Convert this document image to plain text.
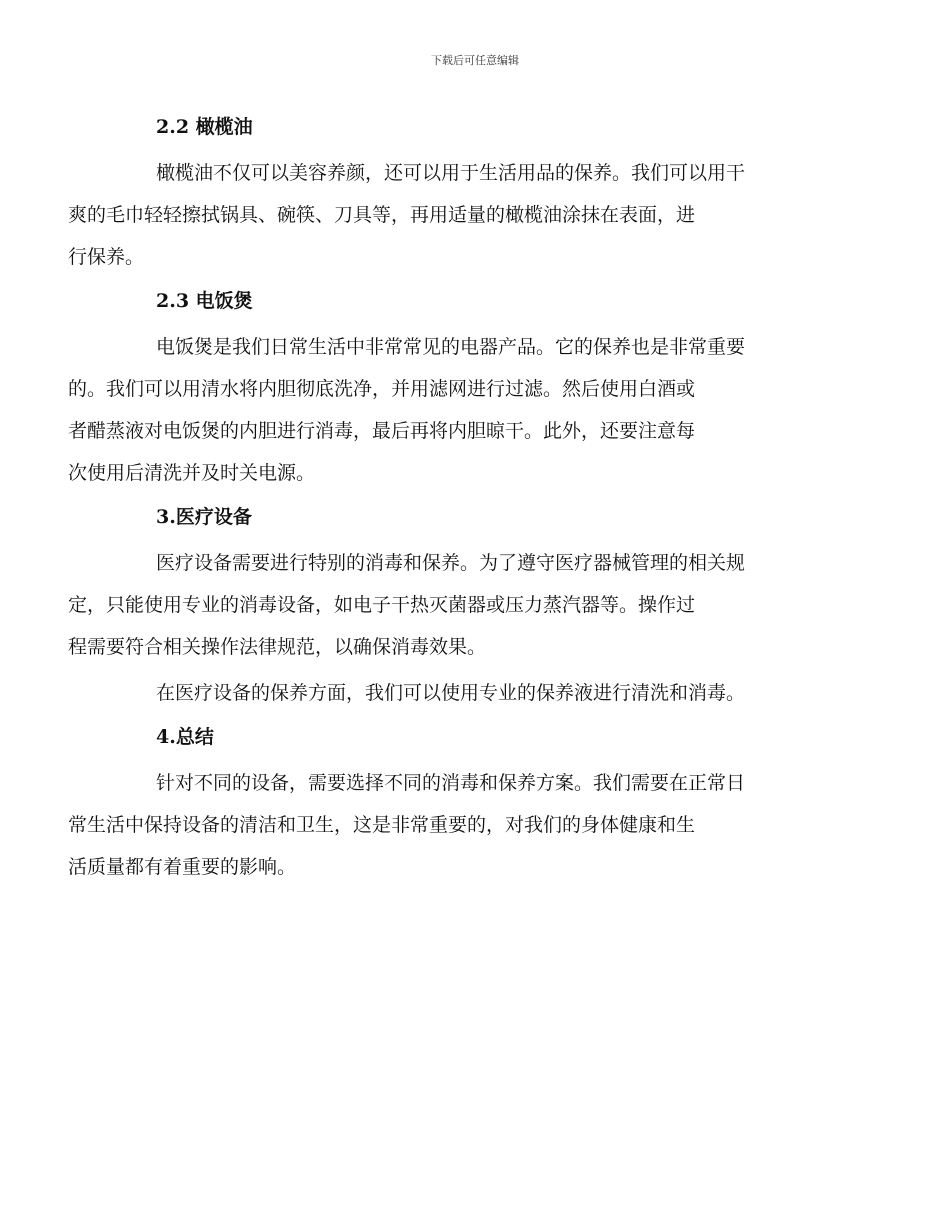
下载后可任意编辑
2.2 橄榄油
橄榄油不仅可以美容养颜，还可以用于生活用品的保养。我们可以用干
爽的毛巾轻轻擦拭锅具、碗筷、刀具等，再用适量的橄榄油涂抹在表面，进
行保养。
2.3 电饭煲
电饭煲是我们日常生活中非常常见的电器产品。它的保养也是非常重要
的。我们可以用清水将内胆彻底洗净，并用滤网进行过滤。然后使用白酒或
者醋蒸液对电饭煲的内胆进行消毒，最后再将内胆晾干。此外，还要注意每
次使用后清洗并及时关电源。
3.医疗设备
医疗设备需要进行特别的消毒和保养。为了遵守医疗器械管理的相关规
定，只能使用专业的消毒设备，如电子干热灭菌器或压力蒸汽器等。操作过
程需要符合相关操作法律规范，以确保消毒效果。
在医疗设备的保养方面，我们可以使用专业的保养液进行清洗和消毒。
4.总结
针对不同的设备，需要选择不同的消毒和保养方案。我们需要在正常日
常生活中保持设备的清洁和卫生，这是非常重要的，对我们的身体健康和生
活质量都有着重要的影响。
